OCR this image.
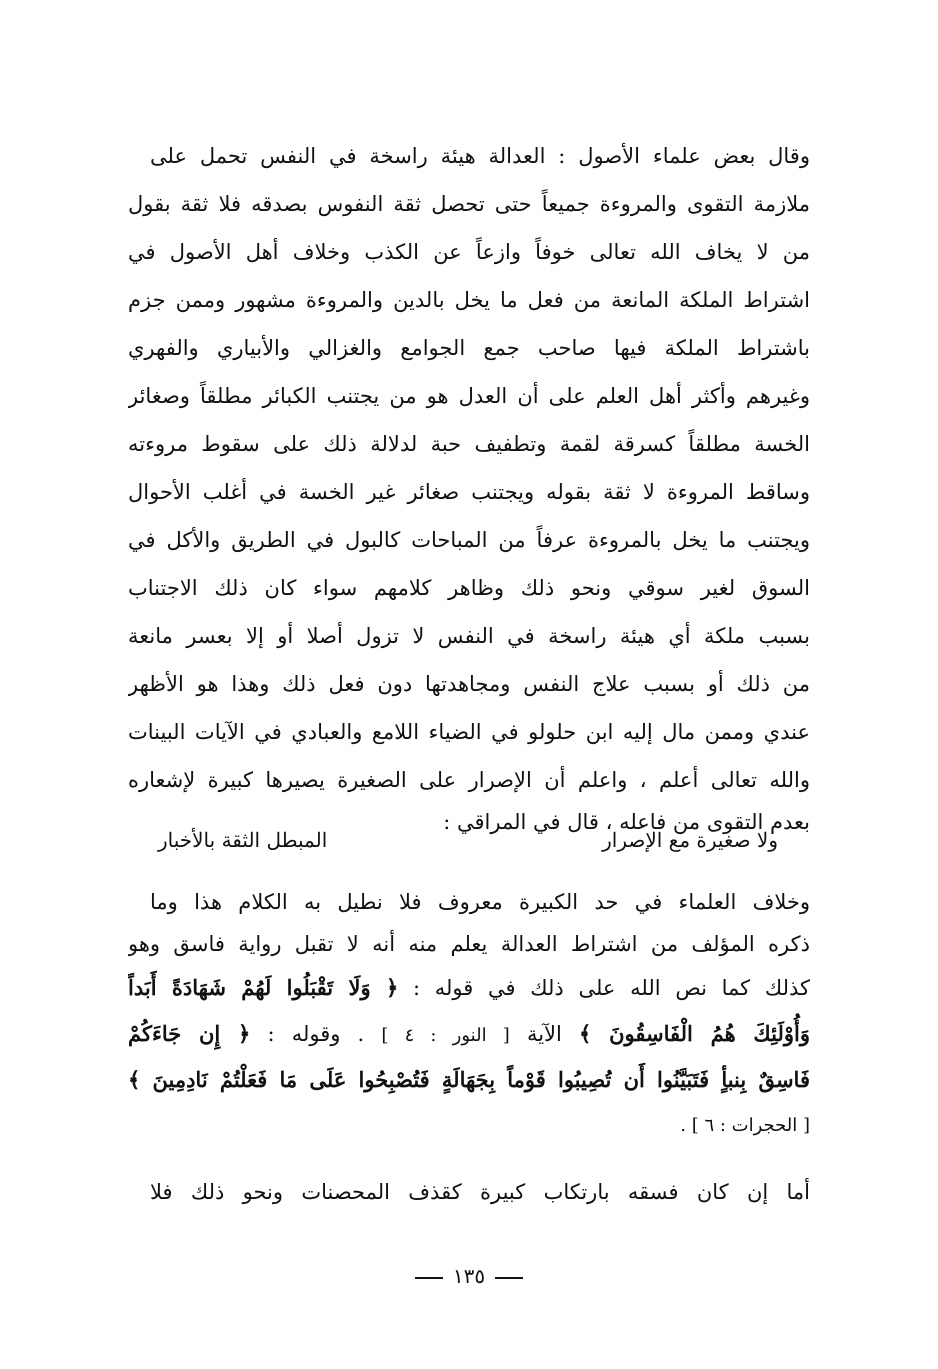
وقال بعض علماء الأصول : العدالة هيئة راسخة في النفس تحمل على
ملازمة التقوى والمروءة جميعاً حتى تحصل ثقة النفوس بصدقه فلا ثقة بقول
من لا يخاف الله تعالى خوفاً وازعاً عن الكذب وخلاف أهل الأصول في
اشتراط الملكة المانعة من فعل ما يخل بالدين والمروءة مشهور وممن جزم
باشتراط الملكة فيها صاحب جمع الجوامع والغزالي والأبياري والفهري
وغيرهم وأكثر أهل العلم على أن العدل هو من يجتنب الكبائر مطلقاً وصغائر
الخسة مطلقاً كسرقة لقمة وتطفيف حبة لدلالة ذلك على سقوط مروءته
وساقط المروءة لا ثقة بقوله ويجتنب صغائر غير الخسة في أغلب الأحوال
ويجتنب ما يخل بالمروءة عرفاً من المباحات كالبول في الطريق والأكل في
السوق لغير سوقي ونحو ذلك وظاهر كلامهم سواء كان ذلك الاجتناب
بسبب ملكة أي هيئة راسخة في النفس لا تزول أصلا أو إلا بعسر مانعة
من ذلك أو بسبب علاج النفس ومجاهدتها دون فعل ذلك وهذا هو الأظهر
عندي وممن مال إليه ابن حلولو في الضياء اللامع والعبادي في الآيات البينات
والله تعالى أعلم ، واعلم أن الإصرار على الصغيرة يصيرها كبيرة لإشعاره
بعدم التقوى من فاعله ، قال في المراقي :
ولا صغيرة مع الإصرار
المبطل الثقة بالأخبار
وخلاف العلماء في حد الكبيرة معروف فلا نطيل به الكلام هذا وما
ذكره المؤلف من اشتراط العدالة يعلم منه أنه لا تقبل رواية فاسق وهو
كذلك كما نص الله على ذلك في قوله : ﴿ وَلَا تَقْبَلُوا لَهُمْ شَهَادَةً أَبَداً
وَأُوْلَئِكَ هُمُ الْفَاسِقُونَ ﴾ الآية [ النور : ٤ ] . وقوله : ﴿ إِن جَاءَكُمْ
فَاسِقٌ بِنبأٍ فَتَبَيَّنُوا أَن تُصِيبُوا قَوْماً بِجَهَالَةٍ فَتُصْبِحُوا عَلَى مَا فَعَلْتُمْ نَادِمِينَ ﴾
[ الحجرات : ٦ ] .
أما إن كان فسقه بارتكاب كبيرة كقذف المحصنات ونحو ذلك فلا
١٣٥
